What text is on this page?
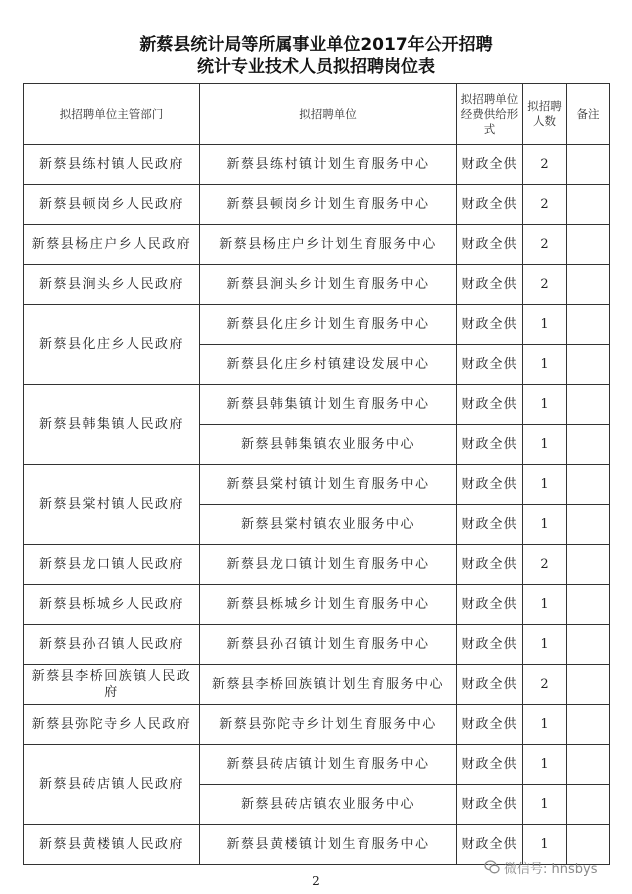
新蔡县统计局等所属事业单位2017年公开招聘
统计专业技术人员拟招聘岗位表
拟招聘单位主管部门	拟招聘单位	拟招聘单位经费供给形式	拟招聘人数	备注
新蔡县练村镇人民政府	新蔡县练村镇计划生育服务中心	财政全供	2	
新蔡县顿岗乡人民政府	新蔡县顿岗乡计划生育服务中心	财政全供	2	
新蔡县杨庄户乡人民政府	新蔡县杨庄户乡计划生育服务中心	财政全供	2	
新蔡县涧头乡人民政府	新蔡县涧头乡计划生育服务中心	财政全供	2	
新蔡县化庄乡人民政府	新蔡县化庄乡计划生育服务中心	财政全供	1	
	新蔡县化庄乡村镇建设发展中心	财政全供	1	
新蔡县韩集镇人民政府	新蔡县韩集镇计划生育服务中心	财政全供	1	
	新蔡县韩集镇农业服务中心	财政全供	1	
新蔡县棠村镇人民政府	新蔡县棠村镇计划生育服务中心	财政全供	1	
	新蔡县棠村镇农业服务中心	财政全供	1	
新蔡县龙口镇人民政府	新蔡县龙口镇计划生育服务中心	财政全供	2	
新蔡县栎城乡人民政府	新蔡县栎城乡计划生育服务中心	财政全供	1	
新蔡县孙召镇人民政府	新蔡县孙召镇计划生育服务中心	财政全供	1	
新蔡县李桥回族镇人民政府	新蔡县李桥回族镇计划生育服务中心	财政全供	2	
新蔡县弥陀寺乡人民政府	新蔡县弥陀寺乡计划生育服务中心	财政全供	1	
新蔡县砖店镇人民政府	新蔡县砖店镇计划生育服务中心	财政全供	1	
	新蔡县砖店镇农业服务中心	财政全供	1	
新蔡县黄楼镇人民政府	新蔡县黄楼镇计划生育服务中心	财政全供	1	
微信号: hnsbys
2
